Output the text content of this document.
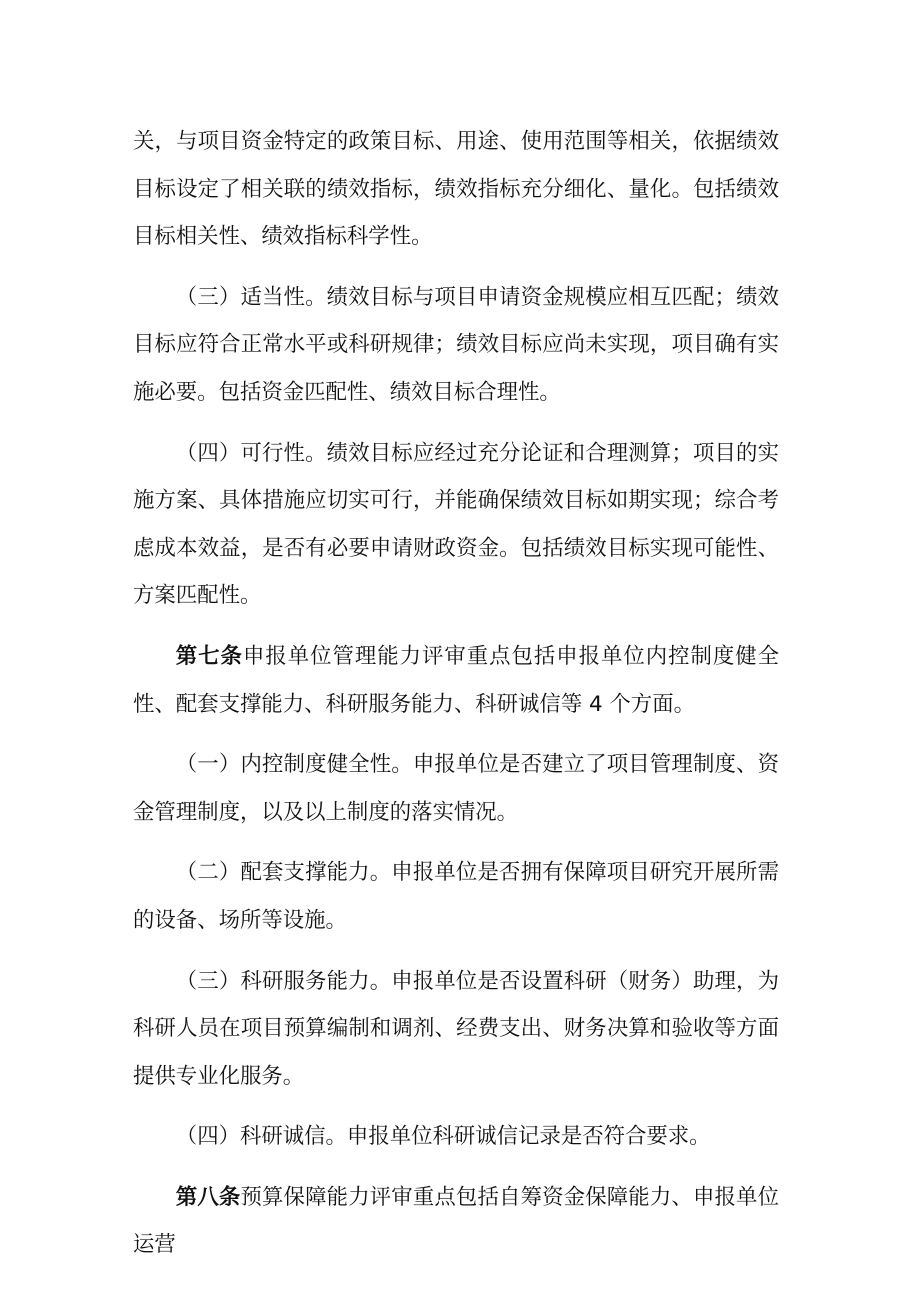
关，与项目资金特定的政策目标、用途、使用范围等相关，依据绩效目标设定了相关联的绩效指标，绩效指标充分细化、量化。包括绩效目标相关性、绩效指标科学性。

（三）适当性。绩效目标与项目申请资金规模应相互匹配；绩效目标应符合正常水平或科研规律；绩效目标应尚未实现，项目确有实施必要。包括资金匹配性、绩效目标合理性。

（四）可行性。绩效目标应经过充分论证和合理测算；项目的实施方案、具体措施应切实可行，并能确保绩效目标如期实现；综合考虑成本效益，是否有必要申请财政资金。包括绩效目标实现可能性、方案匹配性。

第七条申报单位管理能力评审重点包括申报单位内控制度健全性、配套支撑能力、科研服务能力、科研诚信等 4 个方面。

（一）内控制度健全性。申报单位是否建立了项目管理制度、资金管理制度，以及以上制度的落实情况。

（二）配套支撑能力。申报单位是否拥有保障项目研究开展所需的设备、场所等设施。

（三）科研服务能力。申报单位是否设置科研（财务）助理，为科研人员在项目预算编制和调剂、经费支出、财务决算和验收等方面提供专业化服务。

（四）科研诚信。申报单位科研诚信记录是否符合要求。

第八条预算保障能力评审重点包括自筹资金保障能力、申报单位运营
